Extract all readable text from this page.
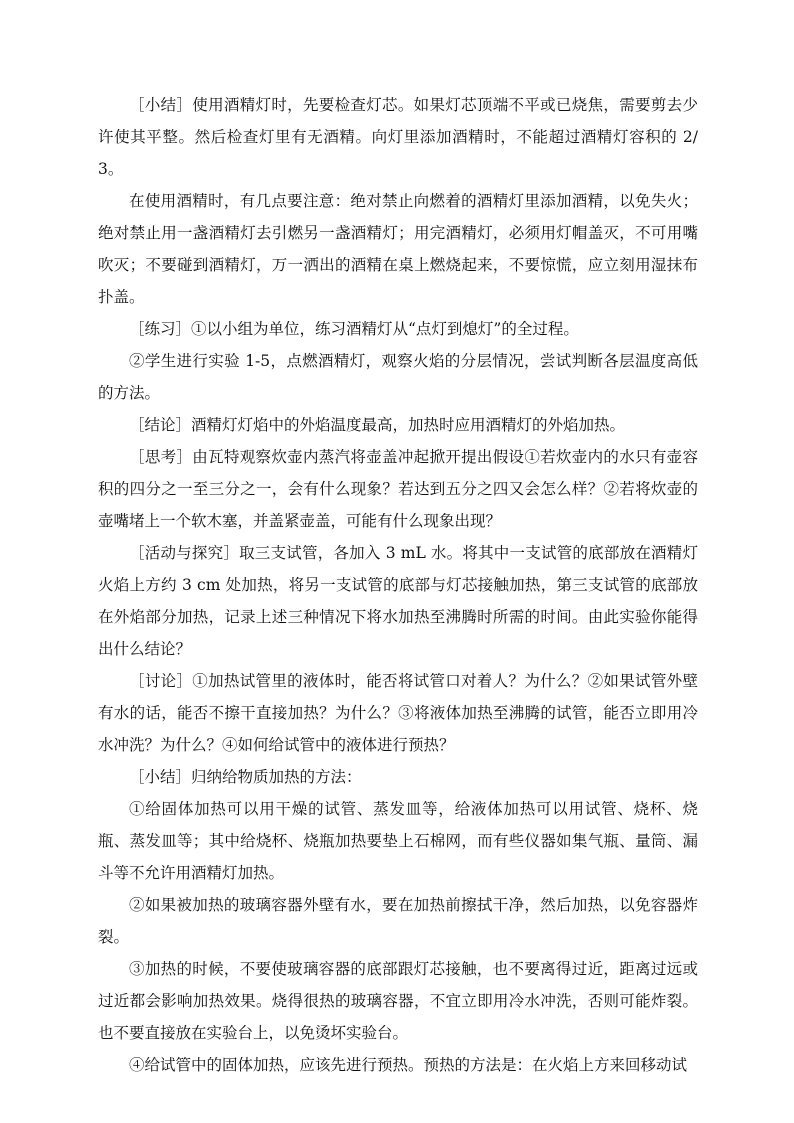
［小结］使用酒精灯时，先要检查灯芯。如果灯芯顶端不平或已烧焦，需要剪去少许使其平整。然后检查灯里有无酒精。向灯里添加酒精时，不能超过酒精灯容积的 2/3。

在使用酒精时，有几点要注意：绝对禁止向燃着的酒精灯里添加酒精，以免失火；绝对禁止用一盏酒精灯去引燃另一盏酒精灯；用完酒精灯，必须用灯帽盖灭，不可用嘴吹灭；不要碰到酒精灯，万一洒出的酒精在桌上燃烧起来，不要惊慌，应立刻用湿抹布扑盖。

［练习］①以小组为单位，练习酒精灯从“点灯到熄灯”的全过程。

②学生进行实验 1-5，点燃酒精灯，观察火焰的分层情况，尝试判断各层温度高低的方法。

［结论］酒精灯灯焰中的外焰温度最高，加热时应用酒精灯的外焰加热。

［思考］由瓦特观察炊壶内蒸汽将壶盖冲起掀开提出假设①若炊壶内的水只有壶容积的四分之一至三分之一，会有什么现象？若达到五分之四又会怎么样？②若将炊壶的壶嘴堵上一个软木塞，并盖紧壶盖，可能有什么现象出现？

［活动与探究］取三支试管，各加入 3 mL 水。将其中一支试管的底部放在酒精灯火焰上方约 3 cm 处加热，将另一支试管的底部与灯芯接触加热，第三支试管的底部放在外焰部分加热，记录上述三种情况下将水加热至沸腾时所需的时间。由此实验你能得出什么结论？

［讨论］①加热试管里的液体时，能否将试管口对着人？为什么？②如果试管外壁有水的话，能否不擦干直接加热？为什么？③将液体加热至沸腾的试管，能否立即用冷水冲洗？为什么？④如何给试管中的液体进行预热？

［小结］归纳给物质加热的方法：

①给固体加热可以用干燥的试管、蒸发皿等，给液体加热可以用试管、烧杯、烧瓶、蒸发皿等；其中给烧杯、烧瓶加热要垫上石棉网，而有些仪器如集气瓶、量筒、漏斗等不允许用酒精灯加热。

②如果被加热的玻璃容器外壁有水，要在加热前擦拭干净，然后加热，以免容器炸裂。

③加热的时候，不要使玻璃容器的底部跟灯芯接触，也不要离得过近，距离过远或过近都会影响加热效果。烧得很热的玻璃容器，不宜立即用冷水冲洗，否则可能炸裂。也不要直接放在实验台上，以免烫坏实验台。

④给试管中的固体加热，应该先进行预热。预热的方法是：在火焰上方来回移动试
